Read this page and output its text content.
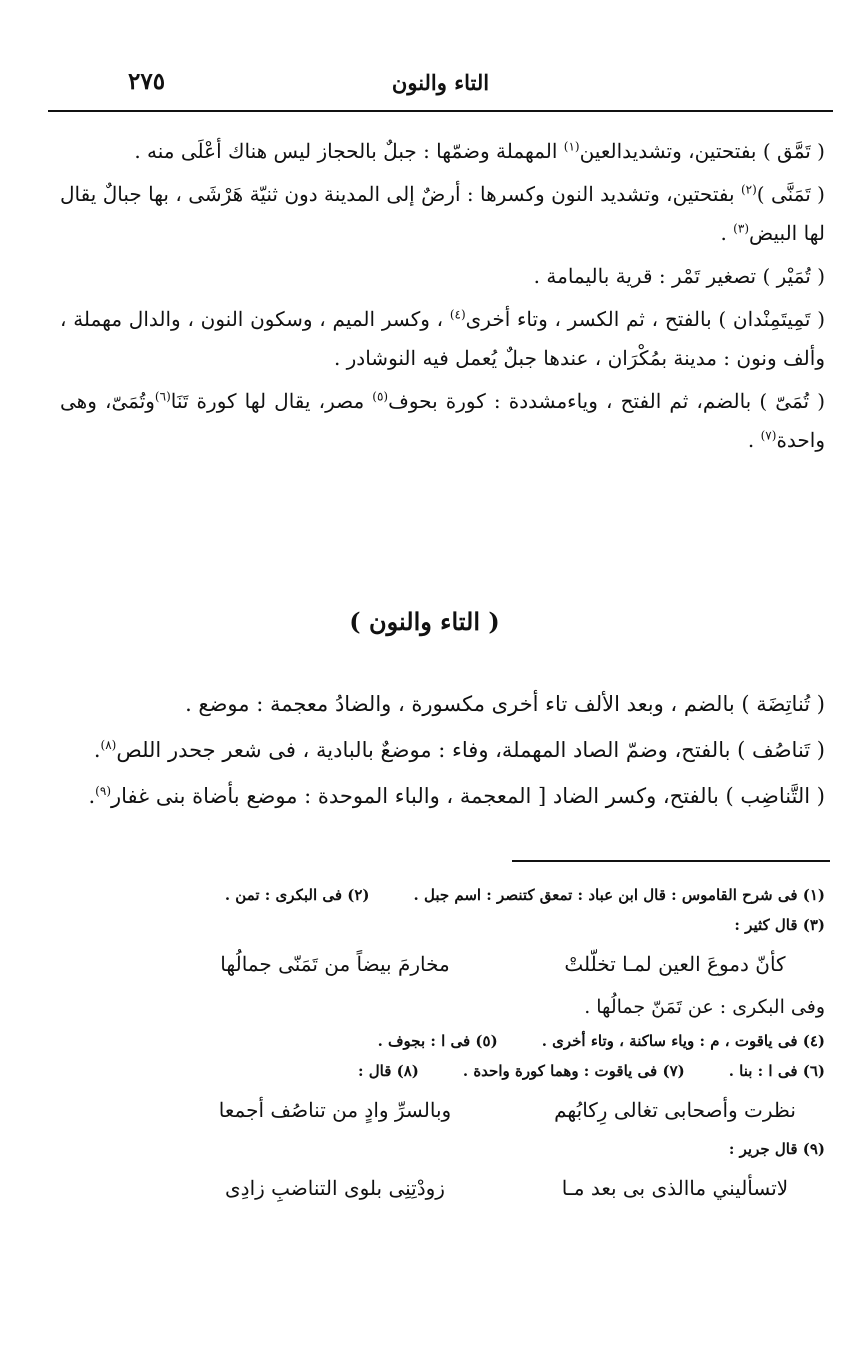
التاء والنون
٢٧٥
( تَمَّق ) بفتحتين، وتشديدالعين$^{(١)}$ المهملة وضمّها : جبلٌ بالحجاز ليس هناك أعْلَى منه .
( تَمَنَّى )$^{(٢)}$ بفتحتين، وتشديد النون وكسرها : أرضٌ إلى المدينة دون ثنيّة هَرْشَى ، بها جبالٌ يقال لها البيض$^{(٣)}$ .
( تُمَيْر ) تصغير تَمْر : قرية باليمامة .
( تَمِيتَمِنْدان ) بالفتح ، ثم الكسر ، وتاء أخرى$^{(٤)}$ ، وكسر الميم ، وسكون النون ، والدال مهملة ، وألف ونون : مدينة بمُكْرَان ، عندها جبلٌ يُعمل فيه النوشادر .
( تُمَىّ ) بالضم، ثم الفتح ، وياءمشددة : كورة بحوف$^{(٥)}$ مصر، يقال لها كورة تَنَا$^{(٦)}$وتُمَىّ، وهى واحدة$^{(٧)}$ .
( التاء والنون )
( تُناتِضَة ) بالضم ، وبعد الألف تاء أخرى مكسورة ، والضادُ معجمة : موضع .
( تَناصُف ) بالفتح، وضمّ الصاد المهملة، وفاء : موضعٌ بالبادية ، فى شعر جحدر اللص$^{(٨)}$.
( التَّناضِب ) بالفتح، وكسر الضاد [ المعجمة ، والباء الموحدة : موضع بأضاة بنى غفار$^{(٩)}$.
(١) فى شرح القاموس : قال ابن عباد : تمعق كتنصر : اسم جبل .(٢) فى البكرى : تمن .
(٣) قال كثير :
كأنّ دموعَ العين لمـا تخلّلتْمخارمَ بيضاً من تَمَنّى جمالُها
وفى البكرى : عن تَمَنّ جمالُها .
(٤) فى ياقوت ، م : وياء ساكنة ، وتاء أخرى .(٥) فى ا : بجوف .
(٦) فى ا : بنا .(٧) فى ياقوت : وهما كورة واحدة .(٨) قال :
نظرت وأصحابى تغالى رِكابُهموبالسرِّ وادٍ من تناصُف أجمعا
(٩) قال جرير :
لاتسأليني ماالذى بى بعد مـازودْتِنِى بلوى التناضبِ زادِى
